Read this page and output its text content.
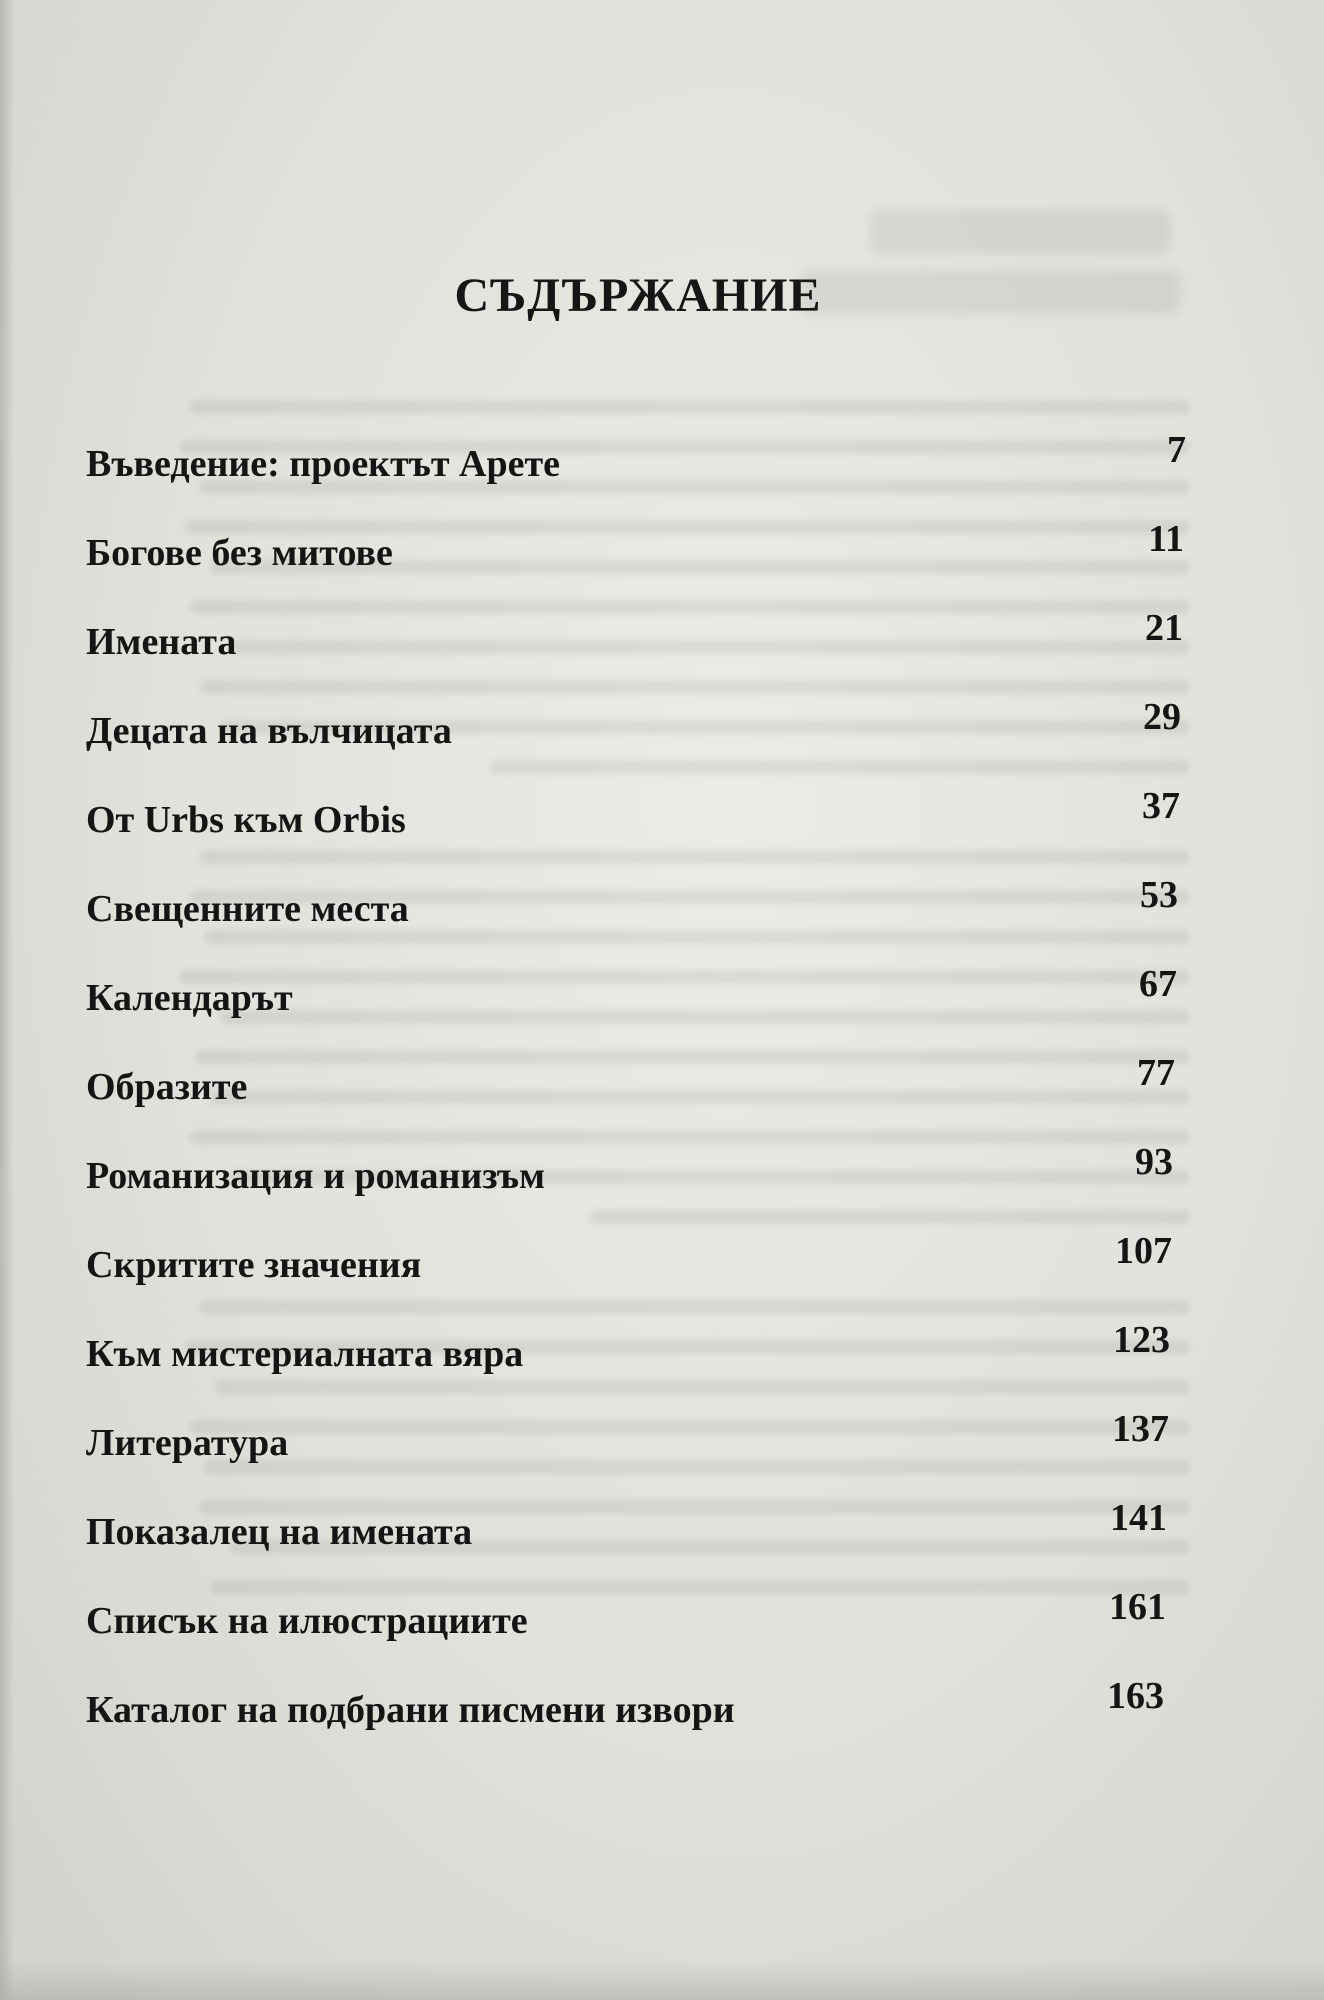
СЪДЪРЖАНИЕ
Въведение: проектът Арете	7
Богове без митове	11
Имената	21
Децата на вълчицата	29
От Urbs към Orbis	37
Свещенните места	53
Календарът	67
Образите	77
Романизация и романизъм	93
Скритите значения	107
Към мистериалната вяра	123
Литература	137
Показалец на имената	141
Списък на илюстрациите	161
Каталог на подбрани писмени извори	163
